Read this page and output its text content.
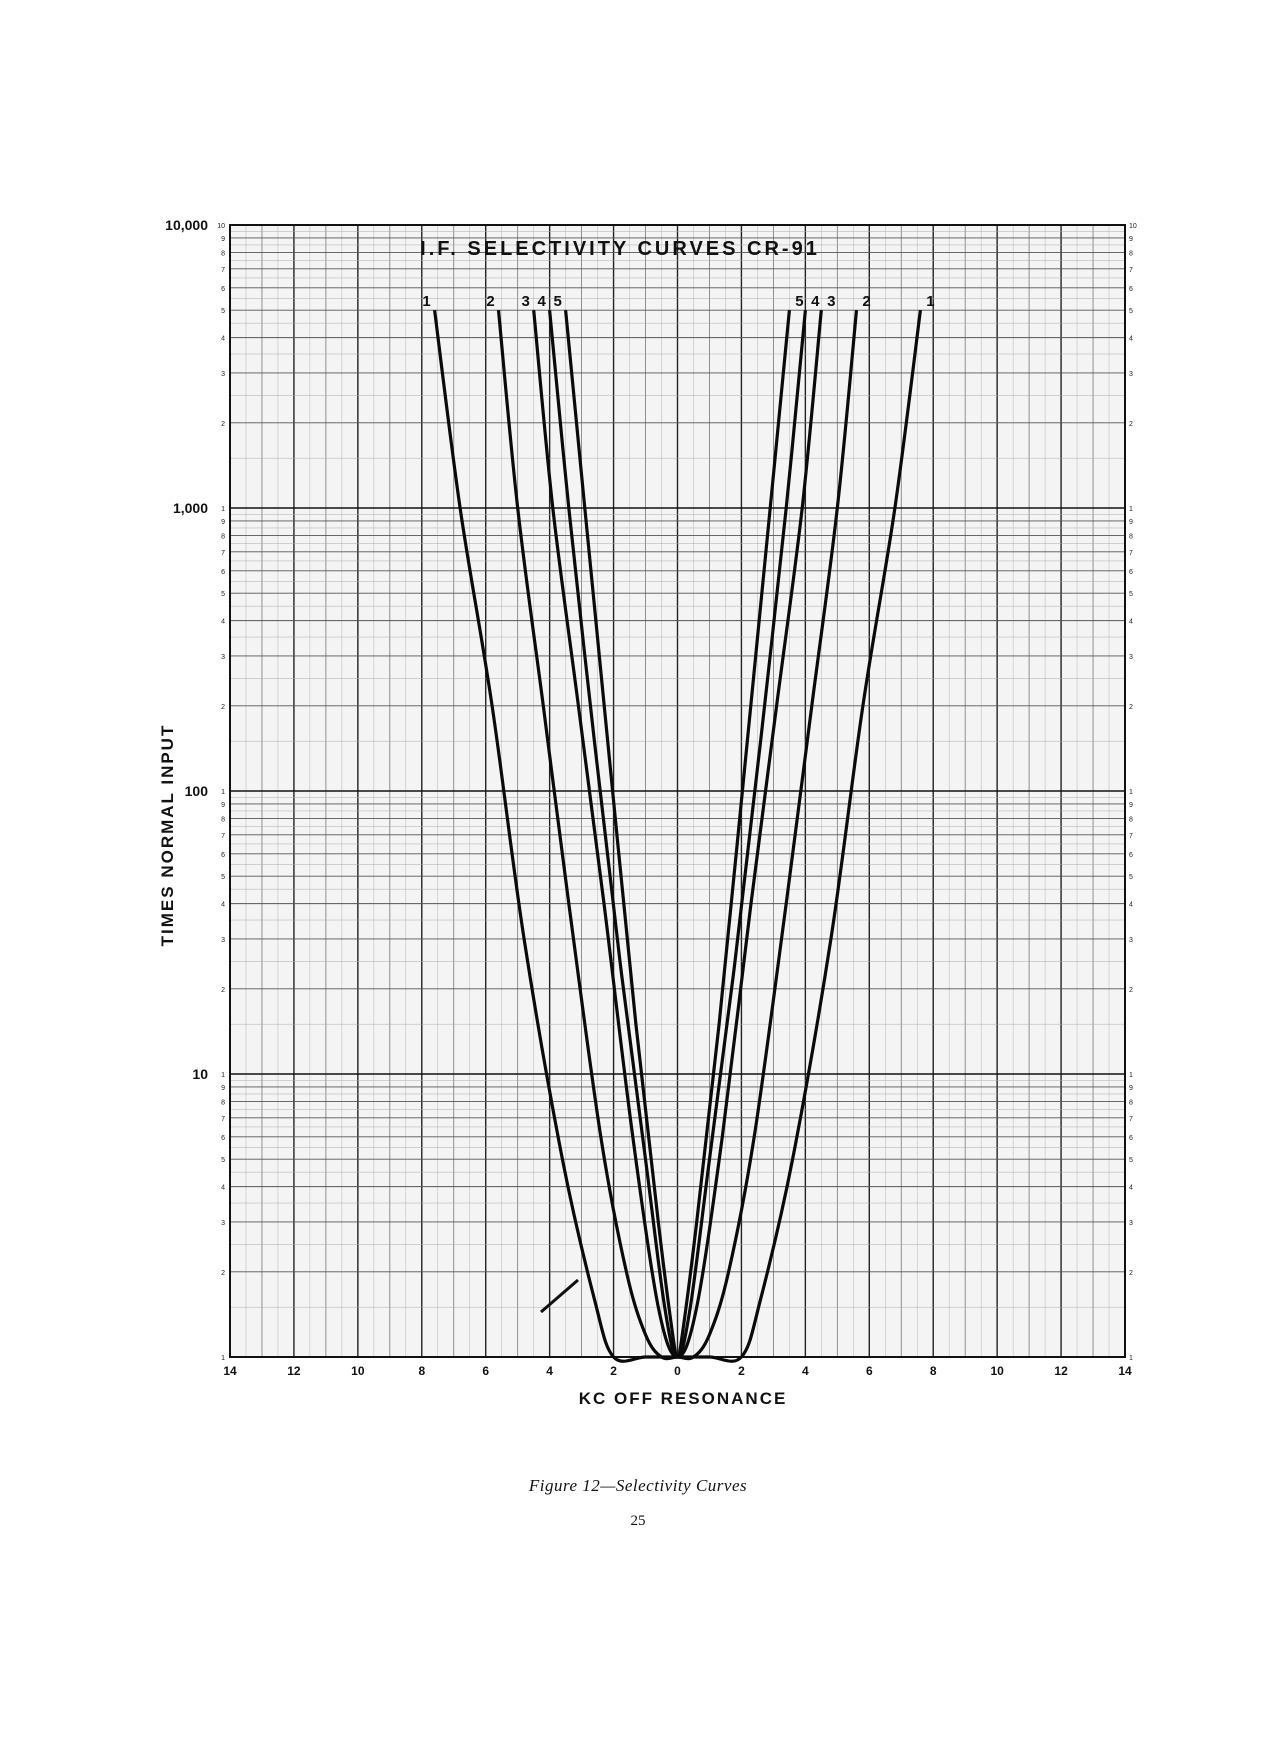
14	12	10	8	6	4	2	0	2	4	6	8	10	12	14
10
100
1,000
10,000
1	1
2	2
3	3
4	4
5	5
6	6
7	7
8	8
9	9
1	1
2	2
3	3
4	4
5	5
6	6
7	7
8	8
9	9
1	1
2	2
3	3
4	4
5	5
6	6
7	7
8	8
9	9
1	1
2	2
3	3
4	4
5	5
6	6
7	7
8	8
9	9
10	10
1	2 3 4 5	5 4 3 2	1
I.F. SELECTIVITY CURVES CR-91
TIMES NORMAL INPUT
KC OFF RESONANCE
Figure 12—Selectivity Curves
25
